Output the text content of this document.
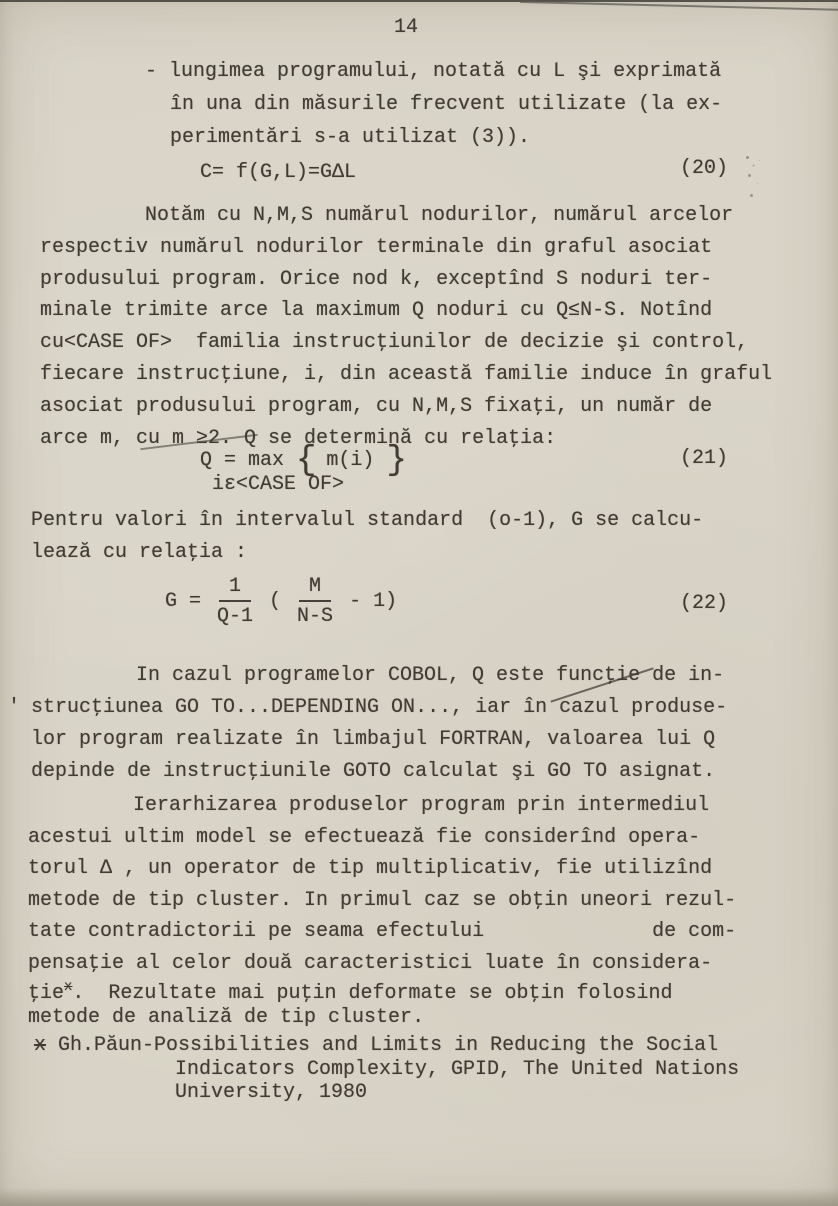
'
14
- lungimea programului, notată cu L şi exprimată
în una din măsurile frecvent utilizate (la ex-
perimentări s-a utilizat (3)).
C= f(G,L)=GΔL	(20)
Notăm cu N,M,S numărul nodurilor, numărul arcelor
respectiv numărul nodurilor terminale din graful asociat
produsului program. Orice nod k, exceptînd S noduri ter-
minale trimite arce la maximum Q noduri cu Q≤N-S. Notînd
cu<CASE OF>  familia instrucţiunilor de decizie şi control,
fiecare instrucţiune, i, din această familie induce în graful
asociat produsului program, cu N,M,S fixaţi, un număr de
arce m, cu m ≥2. Q se determină cu relaţia:
Q = max { m(i) }
iε<CASE OF>
(21)
Pentru valori în intervalul standard  (o-1), G se calcu-
lează cu relaţia :
$G = \frac{1}{Q-1}$ ( $\frac{M}{N-S} - 1$)	(22)
In cazul programelor COBOL, Q este funcţie de in-
strucţiunea GO TO...DEPENDING ON..., iar în cazul produse-
lor program realizate în limbajul FORTRAN, valoarea lui Q
depinde de instrucţiunile GOTO calculat şi GO TO asignat.
Ierarhizarea produselor program prin intermediul
acestui ultim model se efectuează fie considerînd opera-
torul Δ , un operator de tip multiplicativ, fie utilizînd
metode de tip cluster. In primul caz se obţin uneori rezul-
tate contradictorii pe seama efectului              de com-
pensaţie al celor două caracteristici luate în considera-
ţie$^x$.  Rezultate mai puţin deformate se obţin folosind
metode de analiză de tip cluster.
x Gh.Păun-Possibilities and Limits in Reducing the Social
Indicators Complexity, GPID, The United Nations
University, 1980
